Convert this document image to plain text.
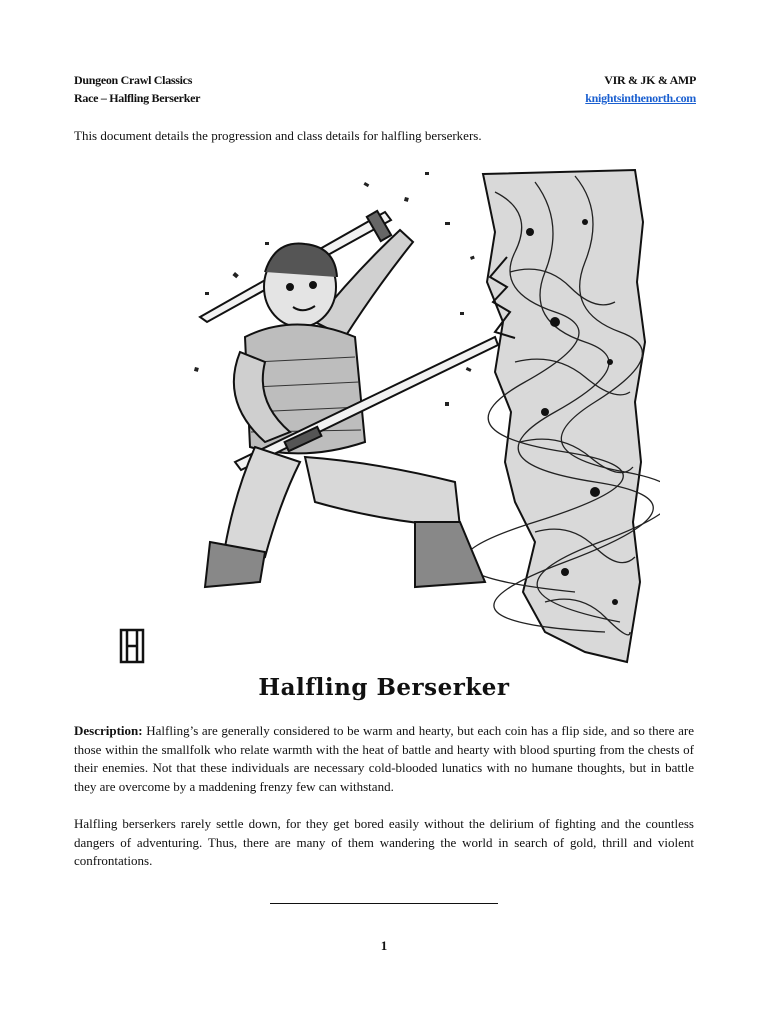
Dungeon Crawl Classics
Race – Halfling Berserker
VIR & JK & AMP
knightsinthenorth.com
This document details the progression and class details for halfling berserkers.
Halfling Berserker
Description: Halfling’s are generally considered to be warm and hearty, but each coin has a flip side, and so there are those within the smallfolk who relate warmth with the heat of battle and hearty with blood spurting from the chests of their enemies. Not that these individuals are necessary cold-blooded lunatics with no humane thoughts, but in battle they are overcome by a maddening frenzy few can withstand.
Halfling berserkers rarely settle down, for they get bored easily without the delirium of fighting and the countless dangers of adventuring. Thus, there are many of them wandering the world in search of gold, thrill and violent confrontations.
1
